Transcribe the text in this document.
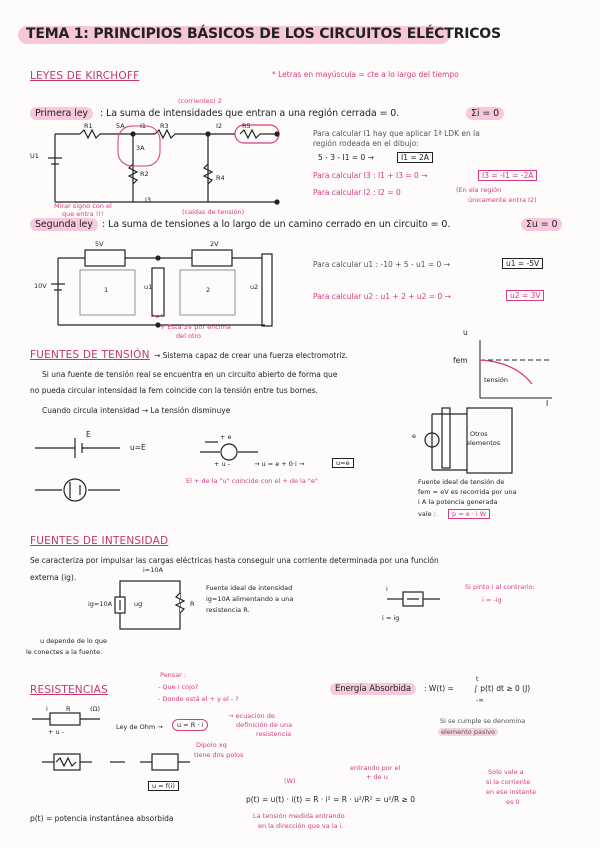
TEMA 1: PRINCIPIOS BÁSICOS DE LOS CIRCUITOS ELÉCTRICOS
LEYES DE KIRCHOFF	* Letras en mayúscula = cte a lo largo del tiempo
(corrientes) 2
Primera ley	: La suma de intensidades que entran a una región cerrada = 0.	Σi = 0
R1	5A I1 R3	I2	R5
U1
3A
R2	R4
I3
Mirar signo con el
que entra !!!	(caídas de tensión)
Para calcular I1 hay que aplicar 1ª LDK en la
región rodeada en el dibujo:
5 - 3 - I1 = 0 →	I1 = 2A
Para calcular I3 : I1 + I3 = 0 →	I3 = -I1 = -2A
Para calcular I2 : I2 = 0	(En ela región
únicamente entra I2)
Segunda ley : La suma de tensiones a lo largo de un camino cerrado en un circuito = 0.	Σu = 0
5V	2V
10V	u1
1	2	u2
+ Está 3V por encima
del otro
Para calcular u1 : -10 + 5 - u1 = 0 →	u1 = -5V
Para calcular u2 : u1 + 2 + u2 = 0 →	u2 = 3V
FUENTES DE TENSIÓN → Sistema capaz de crear una fuerza electromotriz.
Si una fuente de tensión real se encuentra en un circuito abierto de forma que
no pueda circular intensidad la fem coincide con la tensión entre tus bornes.
Cuando circula intensidad → La tensión disminuye
u
fem
tensión
I
E
u=E
+ e
+ u -	→ u = e + 0·i →	u=e
El + de la "u" coincide con el + de la "e"
e	Otros
elementos
Fuente ideal de tensión de
fem = eV es recorrida por una
i A la potencia generada
vale :	p = e · i W
FUENTES DE INTENSIDAD
Se caracteriza por impulsar las cargas eléctricas hasta conseguir una corriente determinada por una función
externa (ig).
i=10A
ig=10A	ug	R
Fuente ideal de intensidad
ig=10A alimentando a una
resistencia R.
u depende de lo que
le conectes a la fuente.
i
i = ig
Si pinto i al contrario:
i = -ig
RESISTENCIAS
Pensar :
- Que i cojo?
- Donde está el + y el - ?
i	R	(Ω)
+ u -
Ley de Ohm →	u = R · i
→ ecuación de
definición de una
resistencia
Dipolo xq
tiene dos polos
u = f(i)
Energía Absorbida	: W(t) =
t
-∞
∫ p(t) dt ≥ 0 (J)
Si se cumple se denomina
elemento pasivo
entrando por el
+ de u
(W)
p(t) = u(t) · i(t) = R · i² = R · u²/R² = u²/R ≥ 0
La tensión medida entrando
en la dirección que va la i.
Solo vale a
si la corriente
en ese instante
es 0
p(t) = potencia instantánea absorbida
